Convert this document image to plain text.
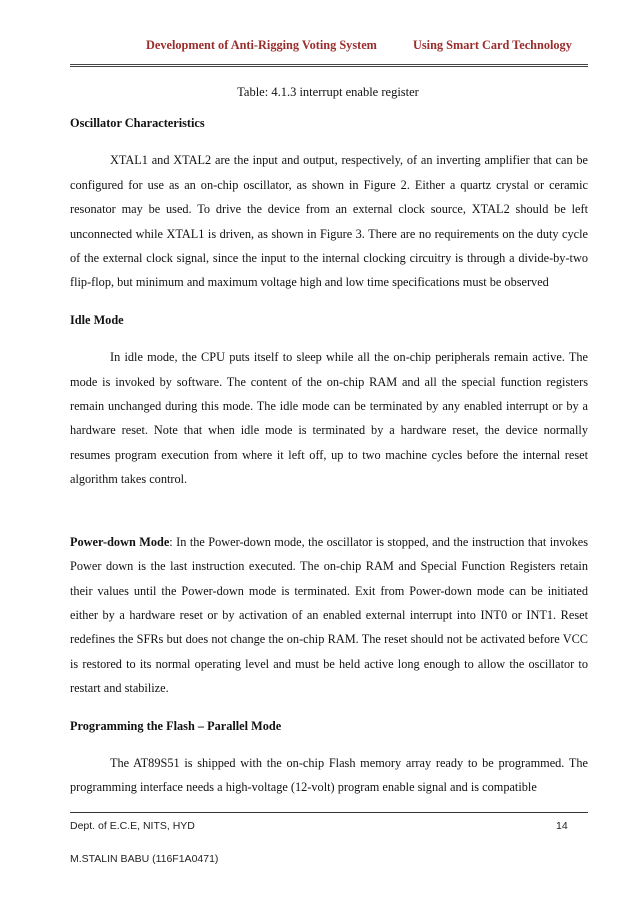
Development of Anti-Rigging Voting System	Using Smart Card Technology
Table: 4.1.3 interrupt enable register
Oscillator Characteristics

XTAL1 and XTAL2 are the input and output, respectively, of an inverting amplifier that can be configured for use as an on-chip oscillator, as shown in Figure 2. Either a quartz crystal or ceramic resonator may be used. To drive the device from an external clock source, XTAL2 should be left unconnected while XTAL1 is driven, as shown in Figure 3. There are no requirements on the duty cycle of the external clock signal, since the input to the internal clocking circuitry is through a divide-by-two flip-flop, but minimum and maximum voltage high and low time specifications must be observed

Idle Mode

In idle mode, the CPU puts itself to sleep while all the on-chip peripherals remain active. The mode is invoked by software. The content of the on-chip RAM and all the special function registers remain unchanged during this mode. The idle mode can be terminated by any enabled interrupt or by a hardware reset. Note that when idle mode is terminated by a hardware reset, the device normally resumes program execution from where it left off, up to two machine cycles before the internal reset algorithm takes control.

Power-down Mode: In the Power-down mode, the oscillator is stopped, and the instruction that invokes Power down is the last instruction executed. The on-chip RAM and Special Function Registers retain their values until the Power-down mode is terminated. Exit from Power-down mode can be initiated either by a hardware reset or by activation of an enabled external interrupt into INT0 or INT1. Reset redefines the SFRs but does not change the on-chip RAM. The reset should not be activated before VCC is restored to its normal operating level and must be held active long enough to allow the oscillator to restart and stabilize.

Programming the Flash – Parallel Mode

The AT89S51 is shipped with the on-chip Flash memory array ready to be programmed. The programming interface needs a high-voltage (12-volt) program enable signal and is compatible

Dept. of E.C.E, NITS, HYD	14
M.STALIN BABU (116F1A0471)
